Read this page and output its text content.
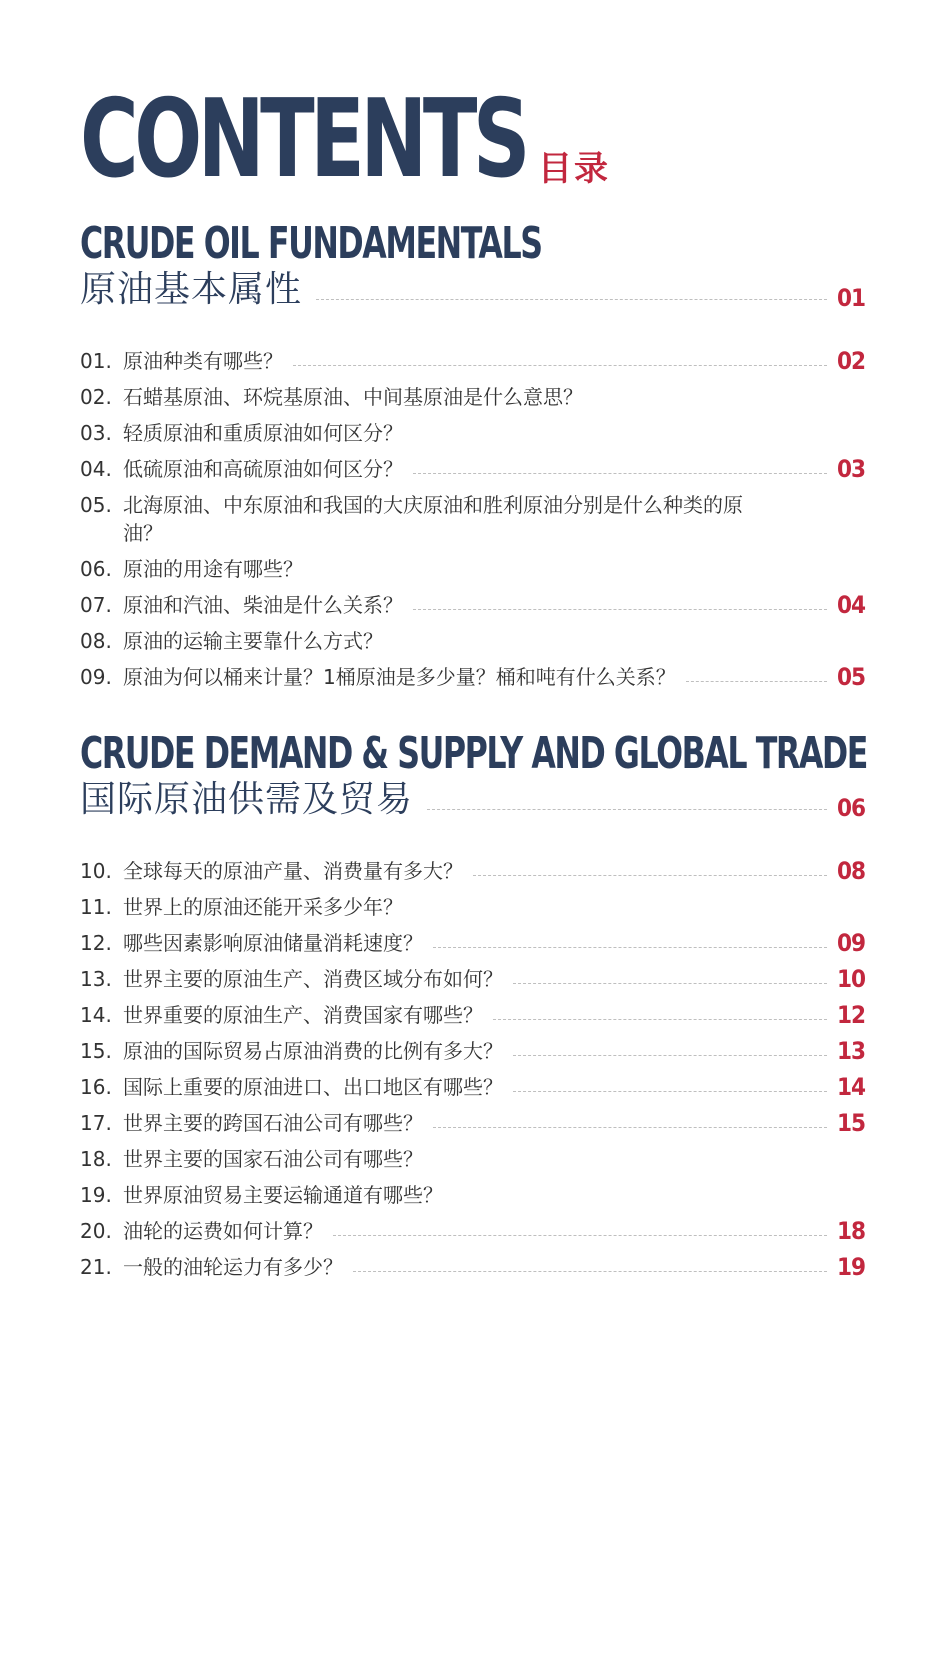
CONTENTS 目录
CRUDE OIL FUNDAMENTALS
原油基本属性	01
01. 原油种类有哪些？	02
02. 石蜡基原油、环烷基原油、中间基原油是什么意思？
03. 轻质原油和重质原油如何区分？
04. 低硫原油和高硫原油如何区分？	03
05. 北海原油、中东原油和我国的大庆原油和胜利原油分别是什么种类的原油？
06. 原油的用途有哪些？
07. 原油和汽油、柴油是什么关系？	04
08. 原油的运输主要靠什么方式？
09. 原油为何以桶来计量？1桶原油是多少量？桶和吨有什么关系？	05
CRUDE DEMAND & SUPPLY AND GLOBAL TRADE
国际原油供需及贸易	06
10. 全球每天的原油产量、消费量有多大？	08
11. 世界上的原油还能开采多少年？
12. 哪些因素影响原油储量消耗速度？	09
13. 世界主要的原油生产、消费区域分布如何？	10
14. 世界重要的原油生产、消费国家有哪些？	12
15. 原油的国际贸易占原油消费的比例有多大？	13
16. 国际上重要的原油进口、出口地区有哪些？	14
17. 世界主要的跨国石油公司有哪些？	15
18. 世界主要的国家石油公司有哪些？
19. 世界原油贸易主要运输通道有哪些？
20. 油轮的运费如何计算？	18
21. 一般的油轮运力有多少？	19
